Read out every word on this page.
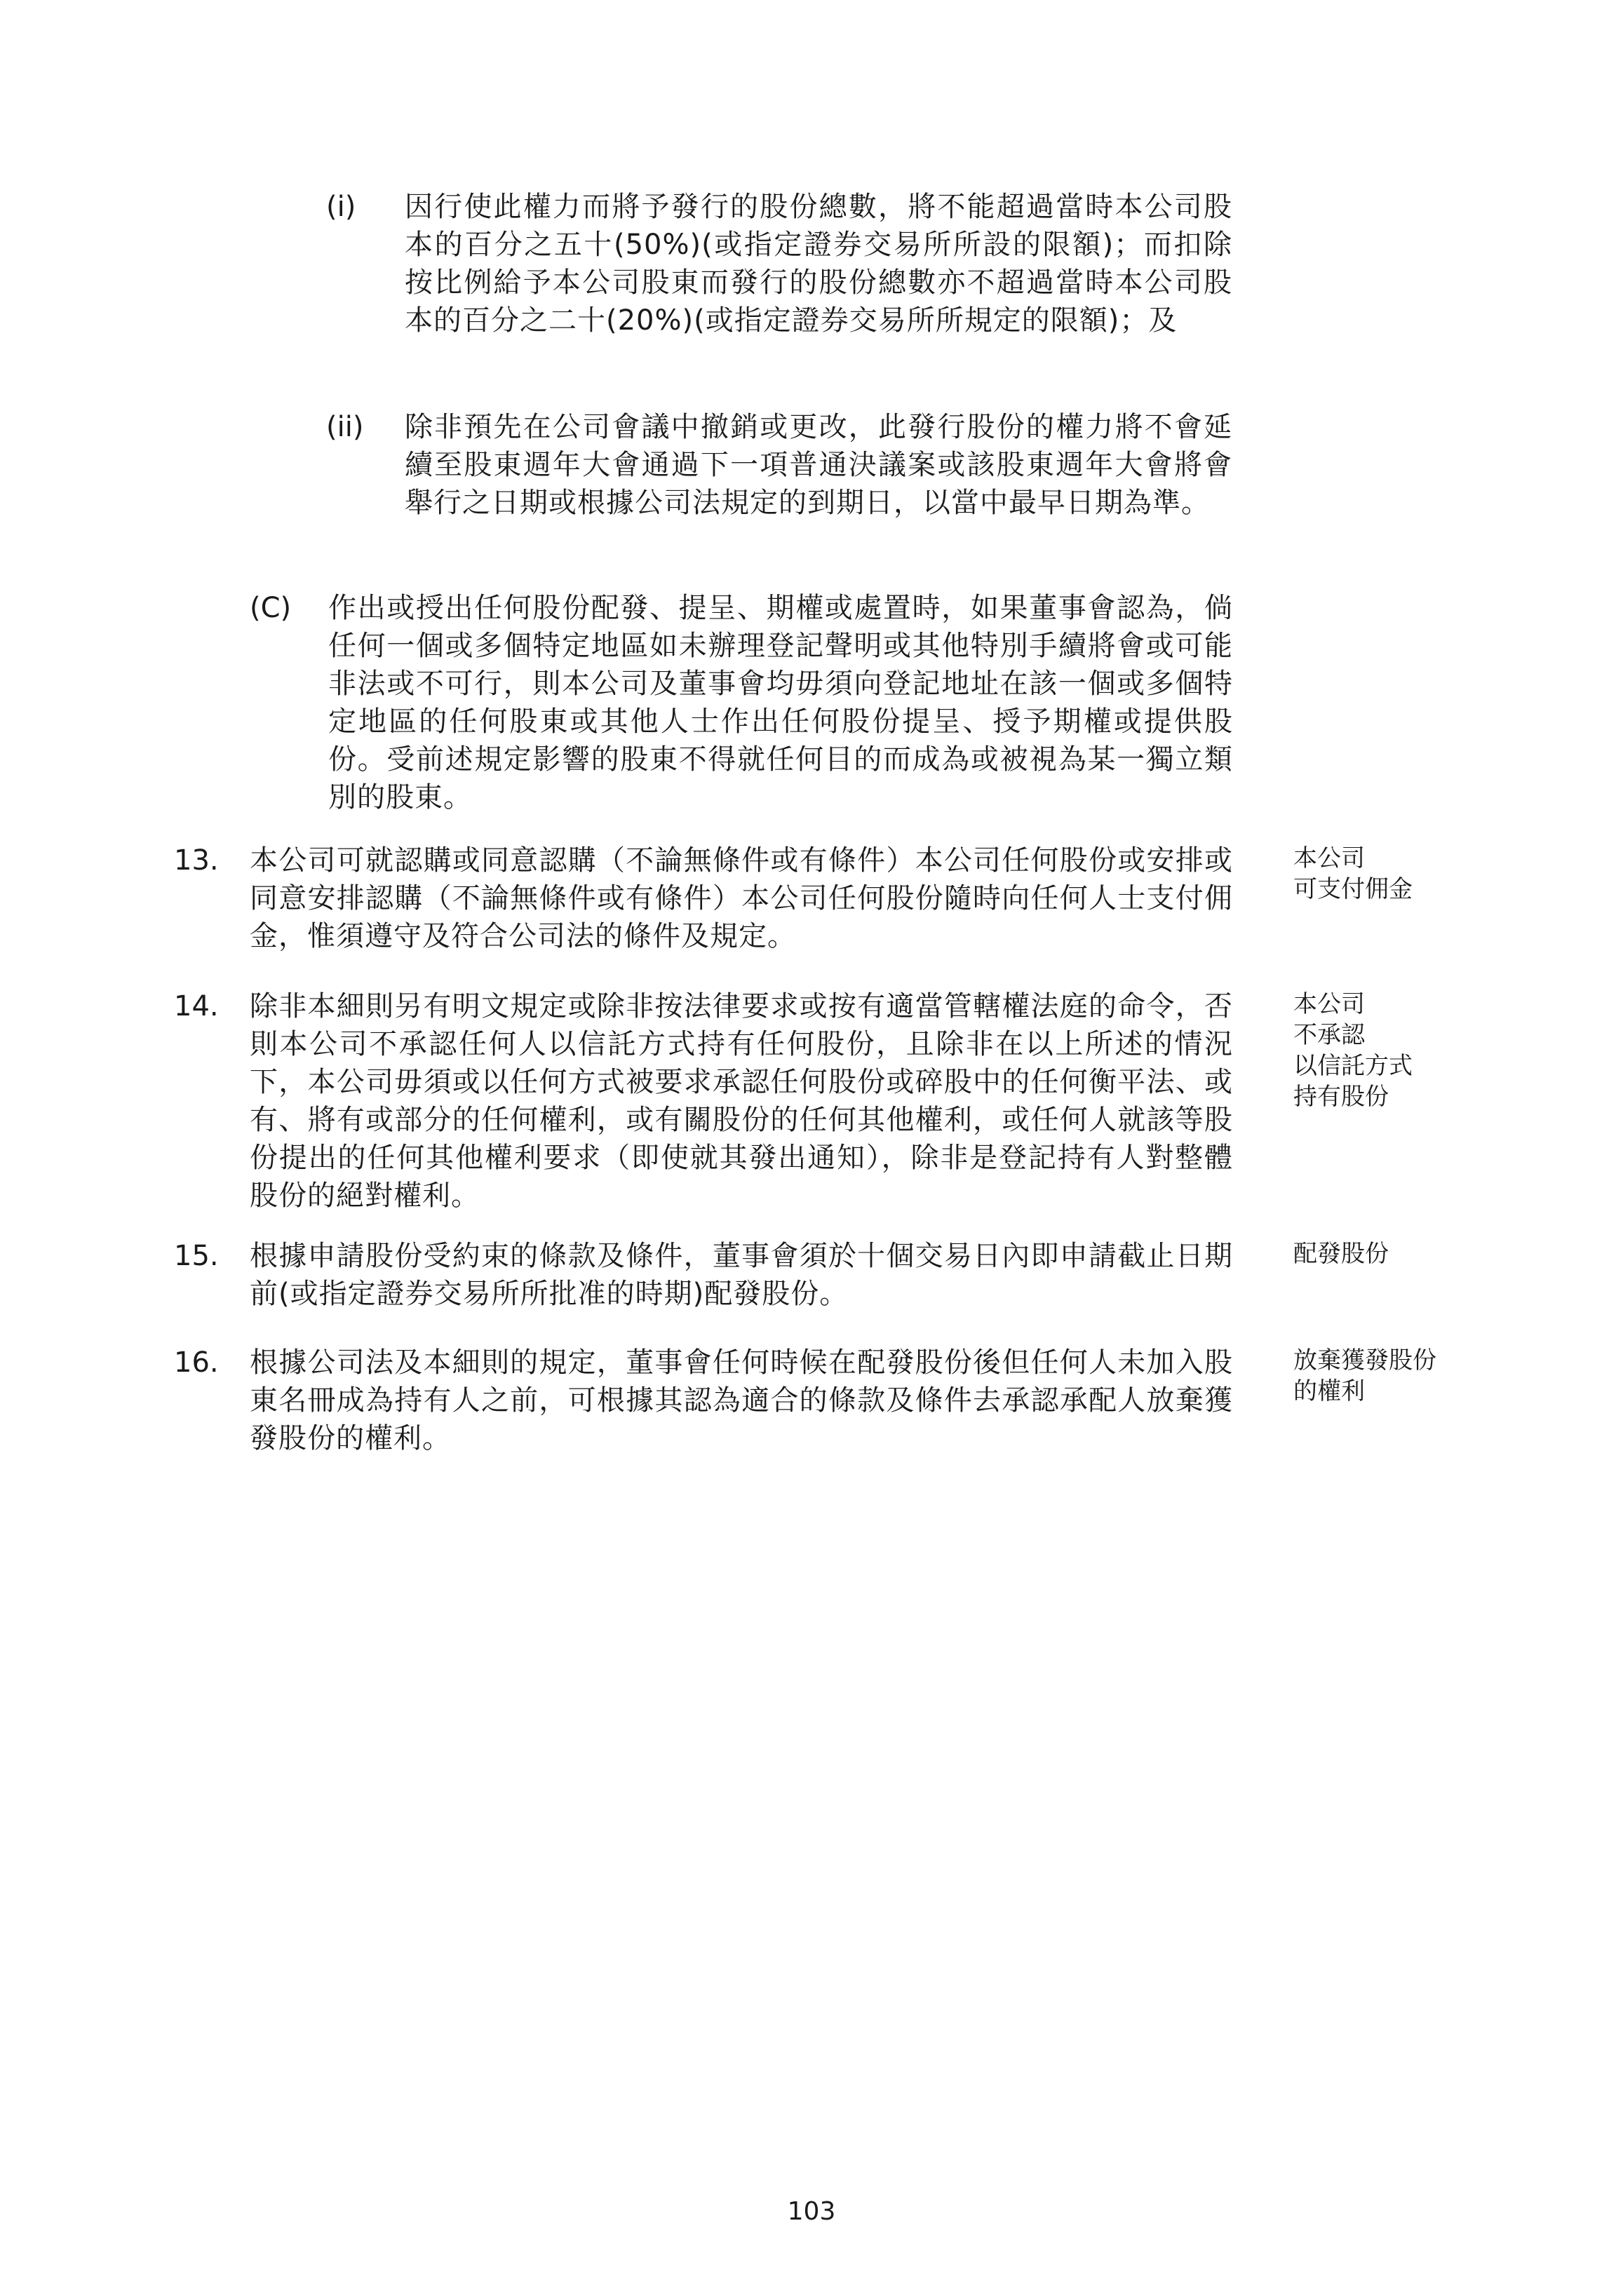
(i) 因行使此權力而將予發行的股份總數，將不能超過當時本公司股本的百分之五十(50%)(或指定證券交易所所設的限額)；而扣除按比例給予本公司股東而發行的股份總數亦不超過當時本公司股本的百分之二十(20%)(或指定證券交易所所規定的限額)；及
(ii) 除非預先在公司會議中撤銷或更改，此發行股份的權力將不會延續至股東週年大會通過下一項普通決議案或該股東週年大會將會舉行之日期或根據公司法規定的到期日，以當中最早日期為準。
(C) 作出或授出任何股份配發、提呈、期權或處置時，如果董事會認為，倘任何一個或多個特定地區如未辦理登記聲明或其他特別手續將會或可能非法或不可行，則本公司及董事會均毋須向登記地址在該一個或多個特定地區的任何股東或其他人士作出任何股份提呈、授予期權或提供股份。受前述規定影響的股東不得就任何目的而成為或被視為某一獨立類別的股東。
13. 本公司可就認購或同意認購（不論無條件或有條件）本公司任何股份或安排或同意安排認購（不論無條件或有條件）本公司任何股份隨時向任何人士支付佣金，惟須遵守及符合公司法的條件及規定。
本公司
可支付佣金
14. 除非本細則另有明文規定或除非按法律要求或按有適當管轄權法庭的命令，否則本公司不承認任何人以信託方式持有任何股份，且除非在以上所述的情況下，本公司毋須或以任何方式被要求承認任何股份或碎股中的任何衡平法、或有、將有或部分的任何權利，或有關股份的任何其他權利，或任何人就該等股份提出的任何其他權利要求（即使就其發出通知），除非是登記持有人對整體股份的絕對權利。
本公司
不承認
以信託方式
持有股份
15. 根據申請股份受約束的條款及條件，董事會須於十個交易日內即申請截止日期前(或指定證券交易所所批准的時期)配發股份。
配發股份
16. 根據公司法及本細則的規定，董事會任何時候在配發股份後但任何人未加入股東名冊成為持有人之前，可根據其認為適合的條款及條件去承認承配人放棄獲發股份的權利。
放棄獲發股份
的權利
103
